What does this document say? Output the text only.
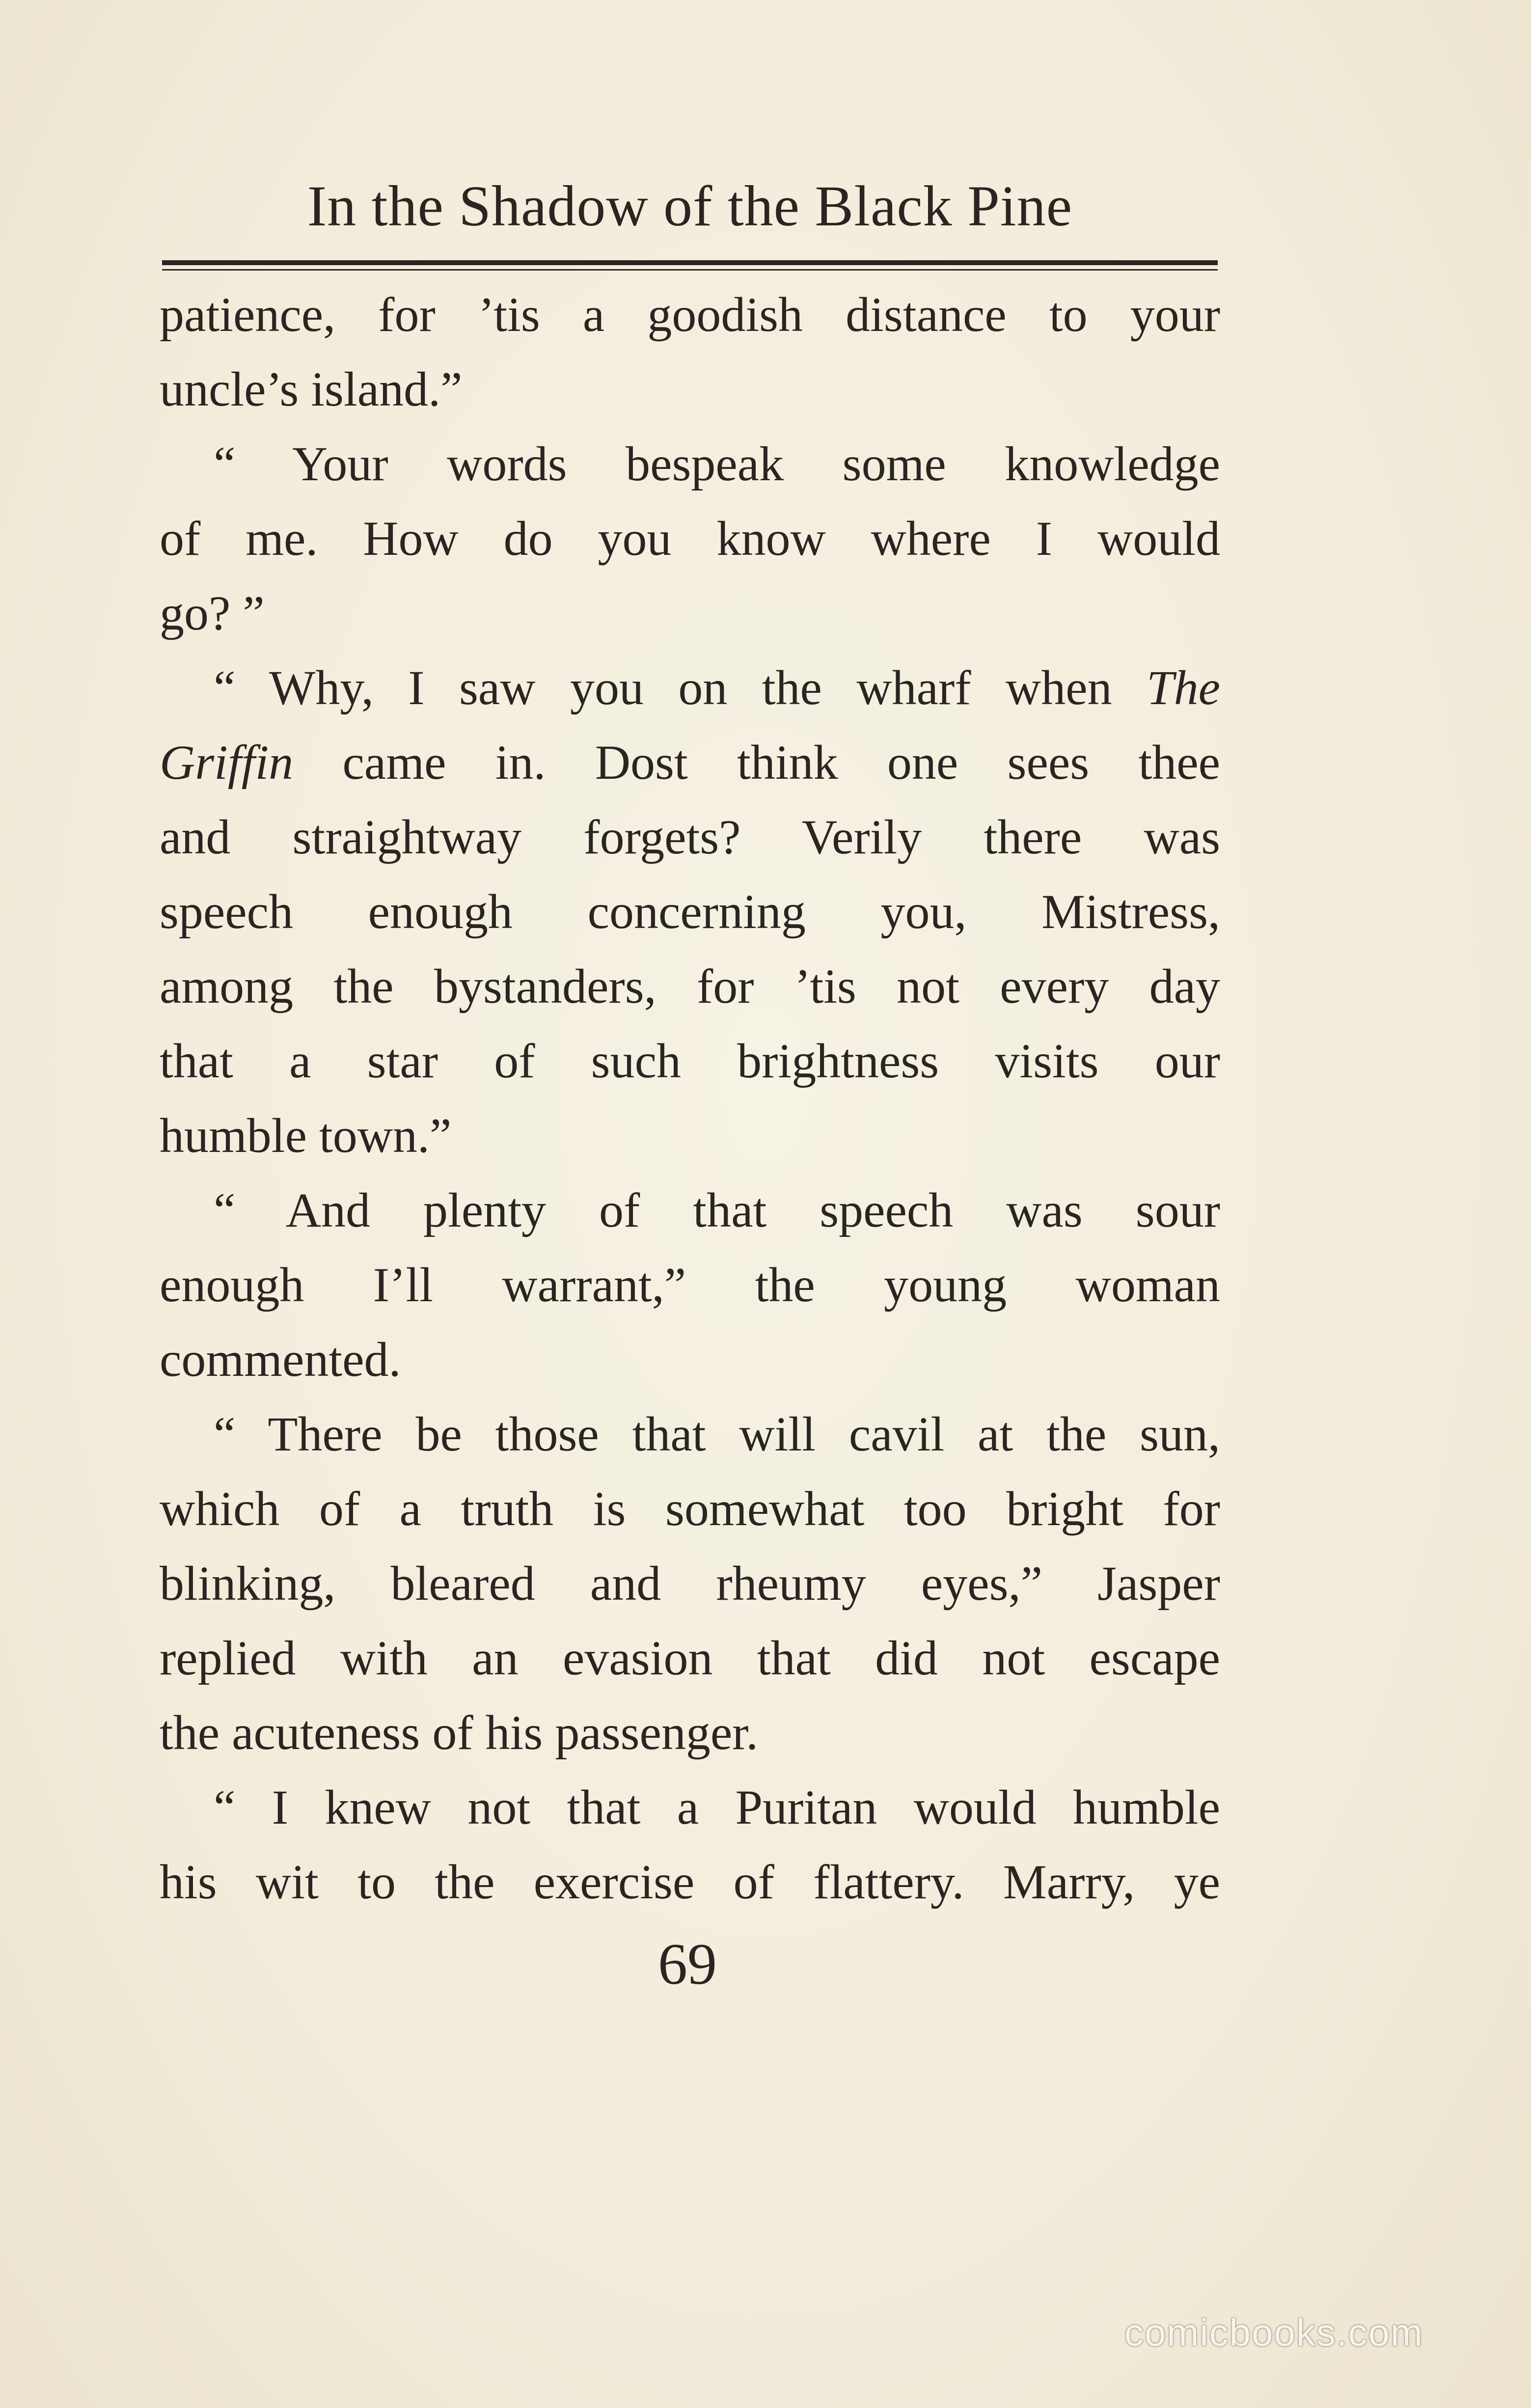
In the Shadow of the Black Pine
patience, for ’tis a goodish distance to your
uncle’s island.”
“ Your words bespeak some knowledge
of me. How do you know where I would
go? ”
“ Why, I saw you on the wharf when The
Griffin came in. Dost think one sees thee
and straightway forgets? Verily there was
speech enough concerning you, Mistress,
among the bystanders, for ’tis not every day
that a star of such brightness visits our
humble town.”
“ And plenty of that speech was sour
enough I’ll warrant,” the young woman
commented.
“ There be those that will cavil at the sun,
which of a truth is somewhat too bright for
blinking, bleared and rheumy eyes,” Jasper
replied with an evasion that did not escape
the acuteness of his passenger.
“ I knew not that a Puritan would humble
his wit to the exercise of flattery. Marry, ye
69
comicbooks.com
